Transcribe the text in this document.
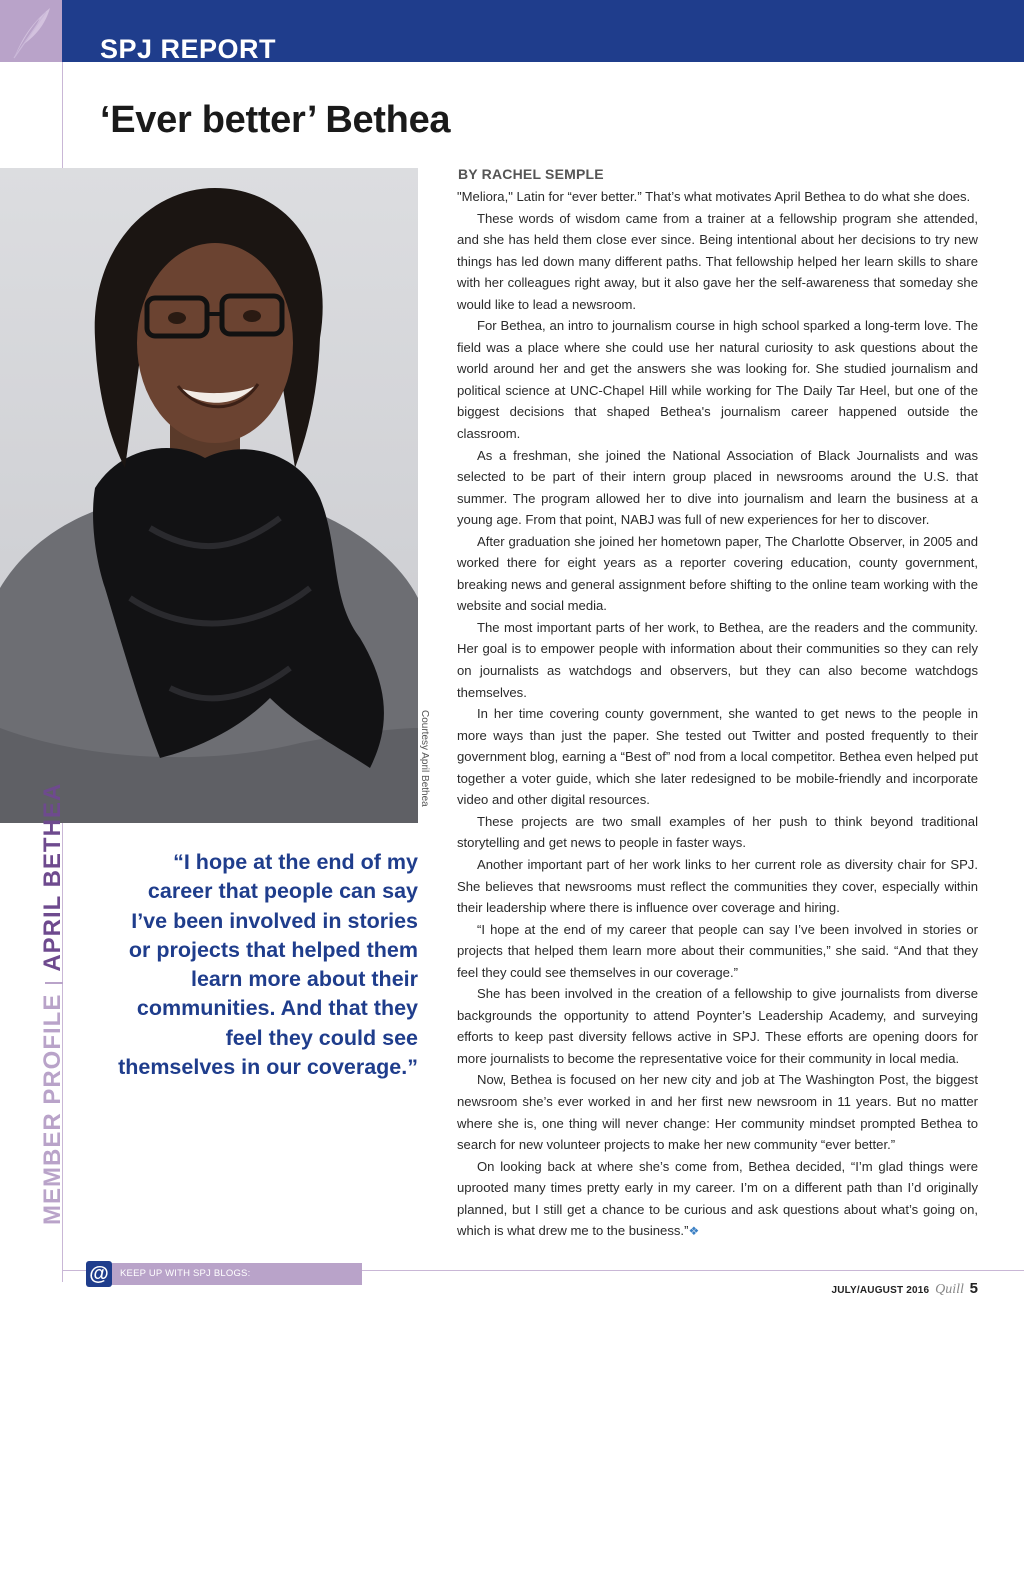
SPJ REPORT
‘Ever better’ Bethea
Courtesy April Bethea
MEMBER PROFILEAPRIL BETHEA	“I hope at the end of my career that people can say I’ve been involved in stories or projects that helped them learn more about their communities. And that they feel they could see themselves in our coverage.”
BY RACHEL SEMPLE

"Meliora," Latin for “ever better.” That’s what motivates April Bethea to do what she does.

These words of wisdom came from a trainer at a fellowship program she attended, and she has held them close ever since. Being intentional about her decisions to try new things has led down many different paths. That fellowship helped her learn skills to share with her colleagues right away, but it also gave her the self-awareness that someday she would like to lead a newsroom.

For Bethea, an intro to journalism course in high school sparked a long-term love. The field was a place where she could use her natural curiosity to ask questions about the world around her and get the answers she was looking for. She studied journalism and political science at UNC-Chapel Hill while working for The Daily Tar Heel, but one of the biggest decisions that shaped Bethea's journalism career happened outside the classroom.

As a freshman, she joined the National Association of Black Journalists and was selected to be part of their intern group placed in newsrooms around the U.S. that summer. The program allowed her to dive into journalism and learn the business at a young age. From that point, NABJ was full of new experiences for her to discover.

After graduation she joined her hometown paper, The Charlotte Observer, in 2005 and worked there for eight years as a reporter covering education, county government, breaking news and general assignment before shifting to the online team working with the website and social media.

The most important parts of her work, to Bethea, are the readers and the community. Her goal is to empower people with information about their communities so they can rely on journalists as watchdogs and observers, but they can also become watchdogs themselves.

In her time covering county government, she wanted to get news to the people in more ways than just the paper. She tested out Twitter and posted frequently to their government blog, earning a “Best of” nod from a local competitor. Bethea even helped put together a voter guide, which she later redesigned to be mobile-friendly and incorporate video and other digital resources.

These projects are two small examples of her push to think beyond traditional storytelling and get news to people in faster ways.

Another important part of her work links to her current role as diversity chair for SPJ. She believes that newsrooms must reflect the communities they cover, especially within their leadership where there is influence over coverage and hiring.

“I hope at the end of my career that people can say I’ve been involved in stories or projects that helped them learn more about their communities,” she said. “And that they feel they could see themselves in our coverage.”

She has been involved in the creation of a fellowship to give journalists from diverse backgrounds the opportunity to attend Poynter’s Leadership Academy, and surveying efforts to keep past diversity fellows active in SPJ. These efforts are opening doors for more journalists to become the representative voice for their community in local media.

Now, Bethea is focused on her new city and job at The Washington Post, the biggest newsroom she’s ever worked in and her first new newsroom in 11 years. But no matter where she is, one thing will never change: Her community mindset prompted Bethea to search for new volunteer projects to make her new community “ever better.”

On looking back at where she’s come from, Bethea decided, “I’m glad things were uprooted many times pretty early in my career. I’m on a different path than I’d originally planned, but I still get a chance to be curious and ask questions about what’s going on, which is what drew me to the business.”❖

@	KEEP UP WITH SPJ BLOGS: BLOGS.SPJNETWORK.ORG	JULY/AUGUST 2016 Quill 5
